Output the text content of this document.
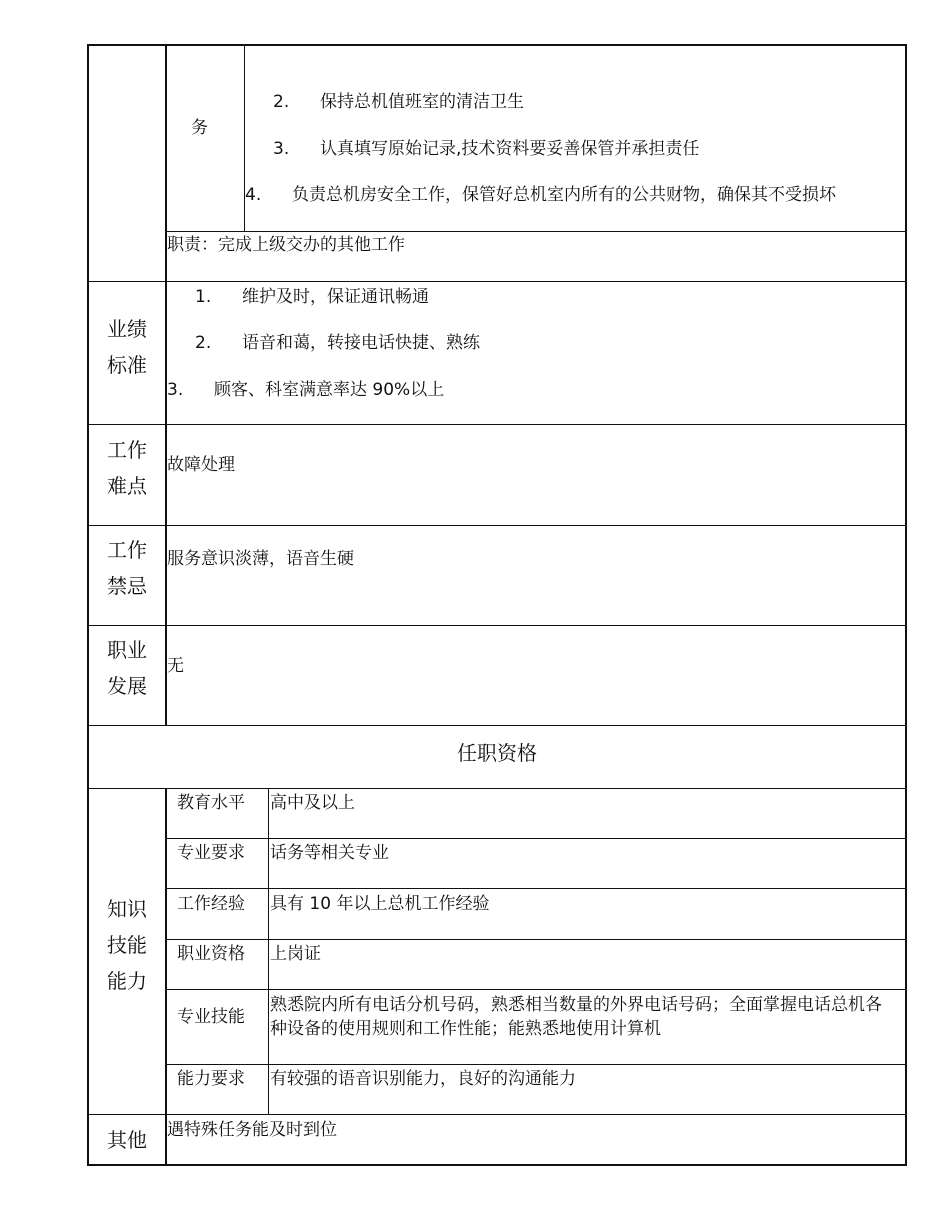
务
2. 保持总机值班室的清洁卫生
3. 认真填写原始记录,技术资料要妥善保管并承担责任
4. 负责总机房安全工作，保管好总机室内所有的公共财物，确保其不受损坏
职责：完成上级交办的其他工作
业绩
标准
1. 维护及时，保证通讯畅通
2. 语音和蔼，转接电话快捷、熟练
3. 顾客、科室满意率达 90%以上
工作
难点
故障处理
工作
禁忌
服务意识淡薄，语音生硬
职业
发展
无
任职资格
知识
技能
能力
教育水平 高中及以上
专业要求 话务等相关专业
工作经验 具有 10 年以上总机工作经验
职业资格 上岗证
专业技能
熟悉院内所有电话分机号码，熟悉相当数量的外界电话号码；全面掌握电话总机各种设备的使用规则和工作性能；能熟悉地使用计算机
能力要求 有较强的语音识别能力，良好的沟通能力
其他	遇特殊任务能及时到位
